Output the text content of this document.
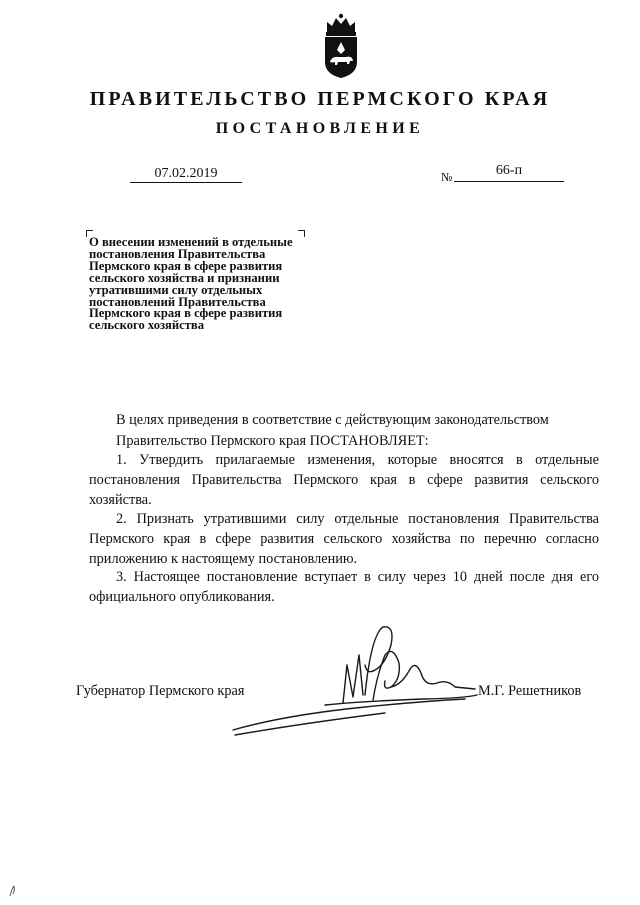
ПРАВИТЕЛЬСТВО ПЕРМСКОГО КРАЯ
ПОСТАНОВЛЕНИЕ
07.02.2019	№	66-п
О внесении изменений в отдельные
постановления Правительства
Пермского края в сфере развития
сельского хозяйства и признании
утратившими силу отдельных
постановлений Правительства
Пермского края в сфере развития
сельского хозяйства
В целях приведения в соответствие с действующим законодательством
Правительство Пермского края ПОСТАНОВЛЯЕТ:

1. Утвердить прилагаемые изменения, которые вносятся в отдельные постановления Правительства Пермского края в сфере развития сельского хозяйства.

2. Признать утратившими силу отдельные постановления Правительства Пермского края в сфере развития сельского хозяйства по перечню согласно приложению к настоящему постановлению.

3. Настоящее постановление вступает в силу через 10 дней после дня его официального опубликования.

Губернатор Пермского края	М.Г. Решетников
